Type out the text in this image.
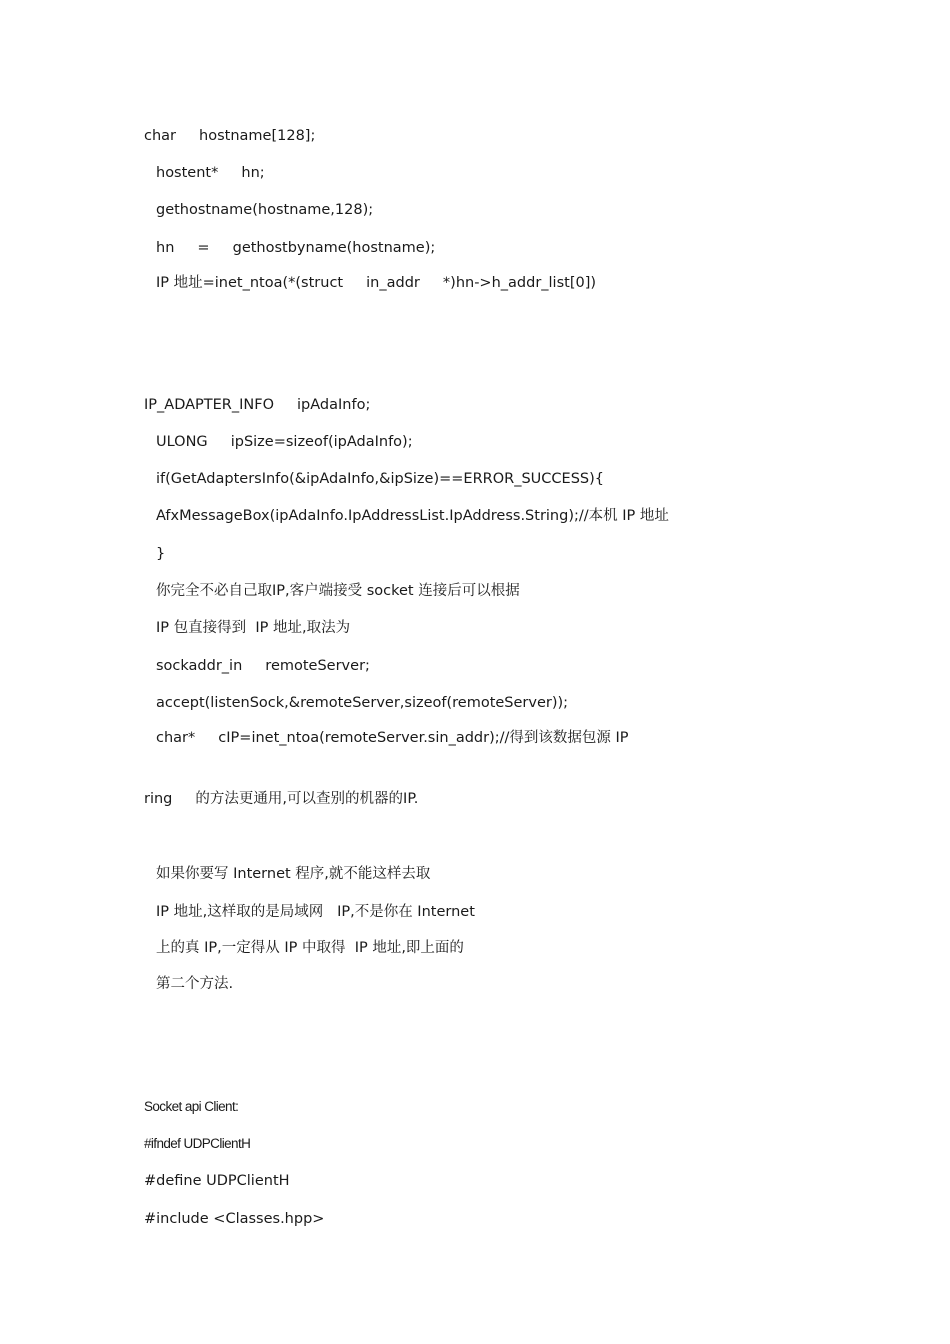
char     hostname[128];
hostent*     hn;
gethostname(hostname,128);
hn     =     gethostbyname(hostname);
IP 地址=inet_ntoa(*(struct     in_addr     *)hn->h_addr_list[0])
IP_ADAPTER_INFO     ipAdaInfo;
ULONG     ipSize=sizeof(ipAdaInfo);
if(GetAdaptersInfo(&ipAdaInfo,&ipSize)==ERROR_SUCCESS){
AfxMessageBox(ipAdaInfo.IpAddressList.IpAddress.String);//本机 IP 地址
}
你完全不必自己取IP,客户端接受 socket 连接后可以根据
IP 包直接得到  IP 地址,取法为
sockaddr_in     remoteServer;
accept(listenSock,&remoteServer,sizeof(remoteServer));
char*     cIP=inet_ntoa(remoteServer.sin_addr);//得到该数据包源 IP
ring     的方法更通用,可以查别的机器的IP.
如果你要写 Internet 程序,就不能这样去取
IP 地址,这样取的是局域网   IP,不是你在 Internet
上的真 IP,一定得从 IP 中取得  IP 地址,即上面的
第二个方法.
Socket api Client:
#ifndef UDPClientH
#define UDPClientH
#include <Classes.hpp>
